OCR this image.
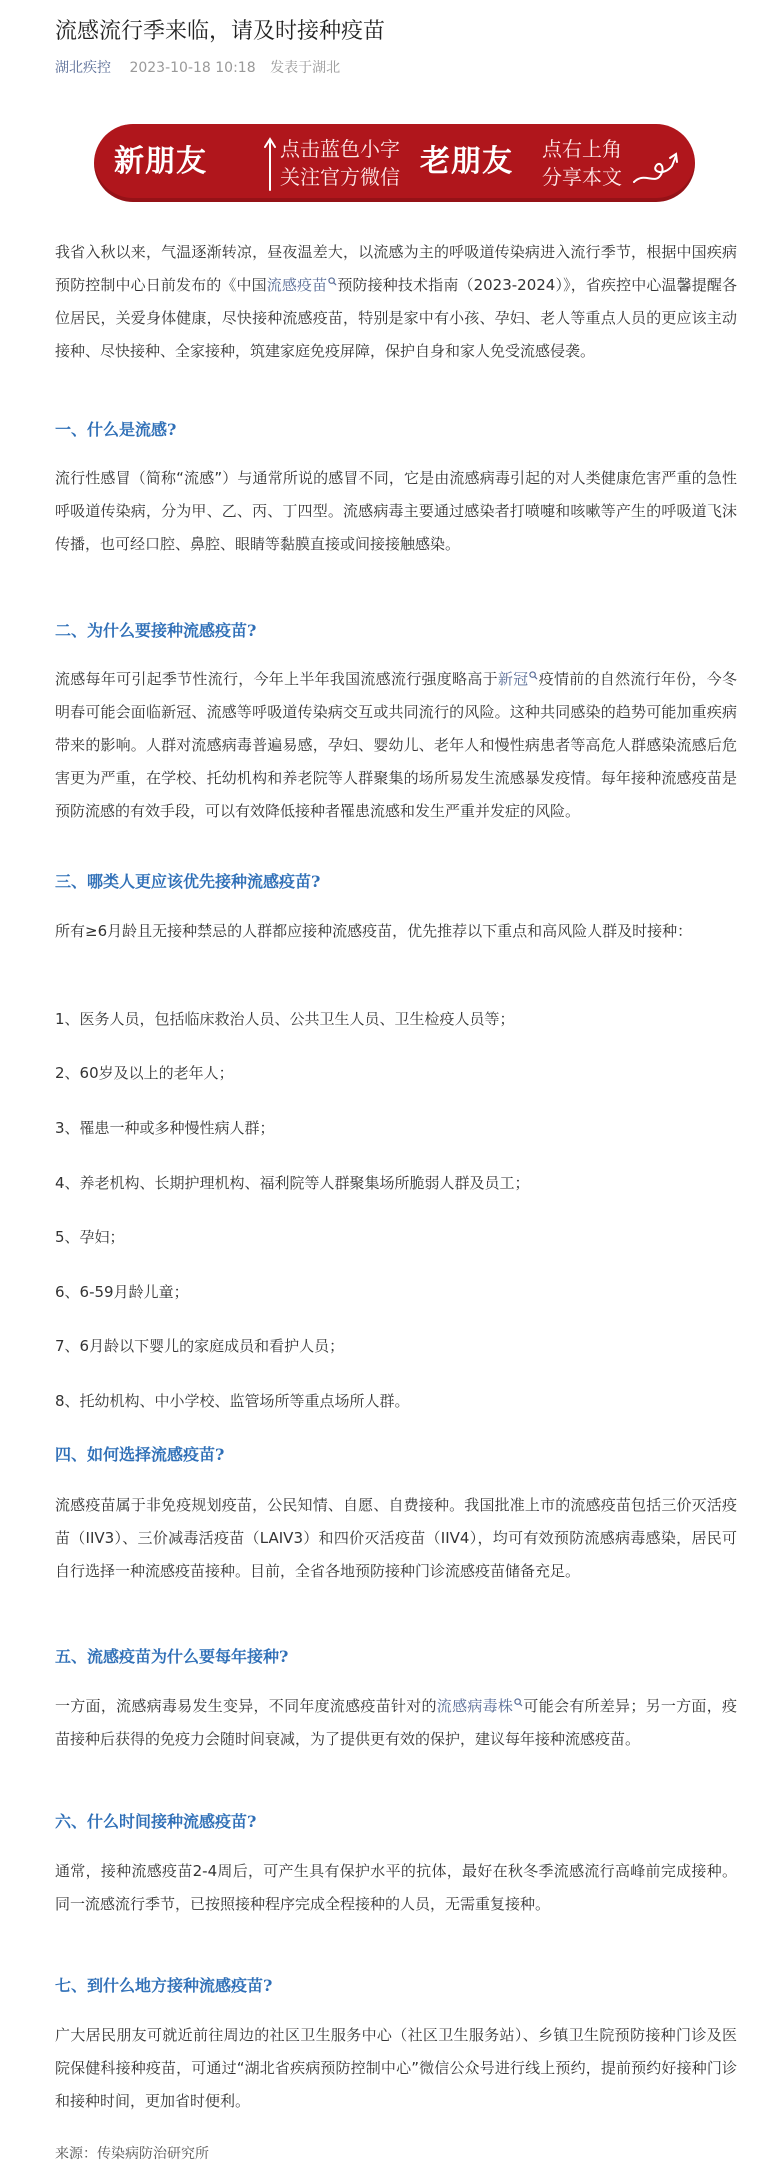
流感流行季来临，请及时接种疫苗
湖北疾控 2023-10-18 10:18 发表于湖北
新朋友	点击蓝色小字
关注官方微信 老朋友 点右上角
分享本文
我省入秋以来，气温逐渐转凉，昼夜温差大，以流感为主的呼吸道传染病进入流行季节，根据中国疾病预防控制中心日前发布的《中国流感疫苗 预防接种技术指南（2023-2024）》，省疾控中心温馨提醒各位居民，关爱身体健康，尽快接种流感疫苗，特别是家中有小孩、孕妇、老人等重点人员的更应该主动接种、尽快接种、全家接种，筑建家庭免疫屏障，保护自身和家人免受流感侵袭。
一、什么是流感?
流行性感冒（简称“流感”）与通常所说的感冒不同，它是由流感病毒引起的对人类健康危害严重的急性呼吸道传染病，分为甲、乙、丙、丁四型。流感病毒主要通过感染者打喷嚏和咳嗽等产生的呼吸道飞沫传播，也可经口腔、鼻腔、眼睛等黏膜直接或间接接触感染。
二、为什么要接种流感疫苗?
流感每年可引起季节性流行，今年上半年我国流感流行强度略高于新冠 疫情前的自然流行年份，今冬明春可能会面临新冠、流感等呼吸道传染病交互或共同流行的风险。这种共同感染的趋势可能加重疾病带来的影响。人群对流感病毒普遍易感，孕妇、婴幼儿、老年人和慢性病患者等高危人群感染流感后危害更为严重，在学校、托幼机构和养老院等人群聚集的场所易发生流感暴发疫情。每年接种流感疫苗是预防流感的有效手段，可以有效降低接种者罹患流感和发生严重并发症的风险。
三、哪类人更应该优先接种流感疫苗?
所有≥6月龄且无接种禁忌的人群都应接种流感疫苗，优先推荐以下重点和高风险人群及时接种：
1、医务人员，包括临床救治人员、公共卫生人员、卫生检疫人员等；
2、60岁及以上的老年人；
3、罹患一种或多种慢性病人群；
4、养老机构、长期护理机构、福利院等人群聚集场所脆弱人群及员工；
5、孕妇；
6、6-59月龄儿童；
7、6月龄以下婴儿的家庭成员和看护人员；
8、托幼机构、中小学校、监管场所等重点场所人群。
四、如何选择流感疫苗?
流感疫苗属于非免疫规划疫苗，公民知情、自愿、自费接种。我国批准上市的流感疫苗包括三价灭活疫苗（IIV3）、三价减毒活疫苗（LAIV3）和四价灭活疫苗（IIV4），均可有效预防流感病毒感染，居民可自行选择一种流感疫苗接种。目前，全省各地预防接种门诊流感疫苗储备充足。
五、流感疫苗为什么要每年接种?
一方面，流感病毒易发生变异，不同年度流感疫苗针对的流感病毒株 可能会有所差异；另一方面，疫苗接种后获得的免疫力会随时间衰减，为了提供更有效的保护，建议每年接种流感疫苗。
六、什么时间接种流感疫苗?
通常，接种流感疫苗2-4周后，可产生具有保护水平的抗体，最好在秋冬季流感流行高峰前完成接种。同一流感流行季节，已按照接种程序完成全程接种的人员，无需重复接种。
七、到什么地方接种流感疫苗?
广大居民朋友可就近前往周边的社区卫生服务中心（社区卫生服务站）、乡镇卫生院预防接种门诊及医院保健科接种疫苗，可通过“湖北省疾病预防控制中心”微信公众号进行线上预约，提前预约好接种门诊和接种时间，更加省时便利。
来源：传染病防治研究所
